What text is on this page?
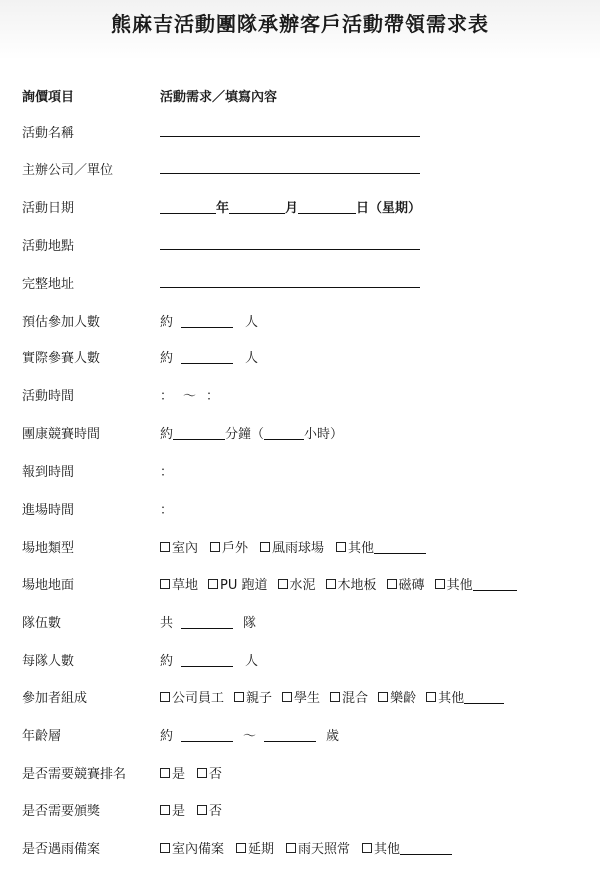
熊麻吉活動團隊承辦客戶活動帶領需求表
詢價項目	活動需求／填寫內容
活動名稱
主辦公司／單位
活動日期	年	月	日（星期）
活動地點
完整地址
預估參加人數	約	人
實際參賽人數	約	人
活動時間	： ～ ：
團康競賽時間	約	分鐘（	小時）
報到時間	：
進場時間	：
場地類型	室內 戶外 風雨球場 其他
場地地面	草地 PU 跑道 水泥 木地板 磁磚 其他
隊伍數	共	隊
每隊人數	約	人
參加者組成	公司員工 親子 學生 混合 樂齡 其他
年齡層	約	～	歲
是否需要競賽排名	是 否
是否需要頒獎	是 否
是否遇雨備案	室內備案 延期 雨天照常 其他
